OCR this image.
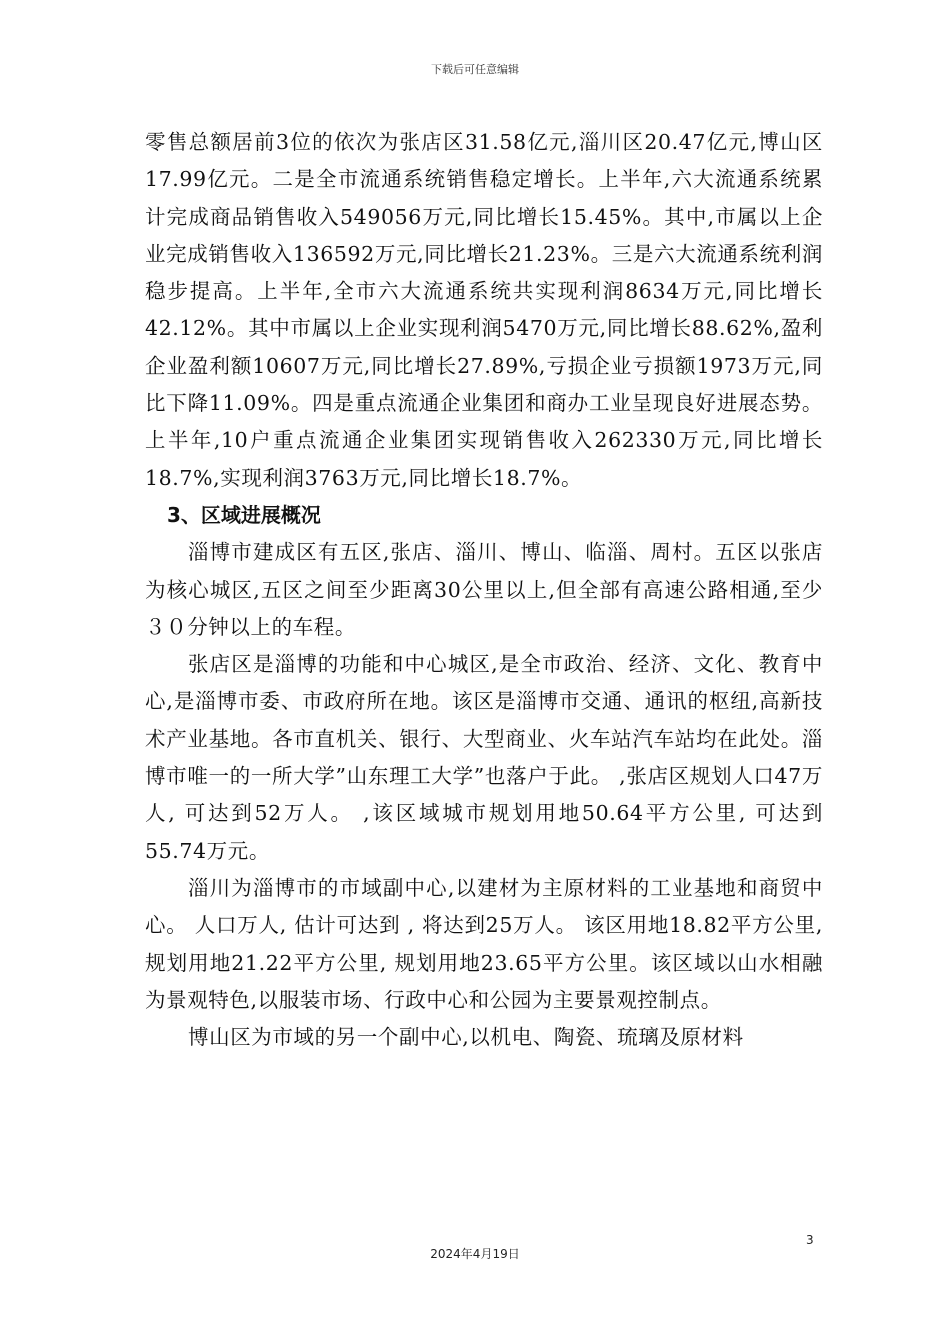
下载后可任意编辑

零售总额居前3位的依次为张店区31.58亿元,淄川区20.47亿元,博山区17.99亿元。二是全市流通系统销售稳定增长。上半年,六大流通系统累计完成商品销售收入549056万元,同比增长15.45%。其中,市属以上企业完成销售收入136592万元,同比增长21.23%。三是六大流通系统利润稳步提高。上半年,全市六大流通系统共实现利润8634万元,同比增长42.12%。其中市属以上企业实现利润5470万元,同比增长88.62%,盈利企业盈利额10607万元,同比增长27.89%,亏损企业亏损额1973万元,同比下降11.09%。四是重点流通企业集团和商办工业呈现良好进展态势。上半年,10户重点流通企业集团实现销售收入262330万元,同比增长18.7%,实现利润3763万元,同比增长18.7%。

3、区域进展概况

淄博市建成区有五区,张店、淄川、博山、临淄、周村。五区以张店为核心城区,五区之间至少距离30公里以上,但全部有高速公路相通,至少３０分钟以上的车程。

张店区是淄博的功能和中心城区,是全市政治、经济、文化、教育中心,是淄博市委、市政府所在地。该区是淄博市交通、通讯的枢纽,高新技术产业基地。各市直机关、银行、大型商业、火车站汽车站均在此处。淄博市唯一的一所大学”山东理工大学”也落户于此。 ,张店区规划人口47万人, 可达到52万人。 ,该区域城市规划用地50.64平方公里, 可达到55.74万元。

淄川为淄博市的市域副中心,以建材为主原材料的工业基地和商贸中心。 人口万人, 估计可达到 , 将达到25万人。 该区用地18.82平方公里, 规划用地21.22平方公里, 规划用地23.65平方公里。该区域以山水相融为景观特色,以服装市场、行政中心和公园为主要景观控制点。

博山区为市域的另一个副中心,以机电、陶瓷、琉璃及原材料

3
2024年4月19日
